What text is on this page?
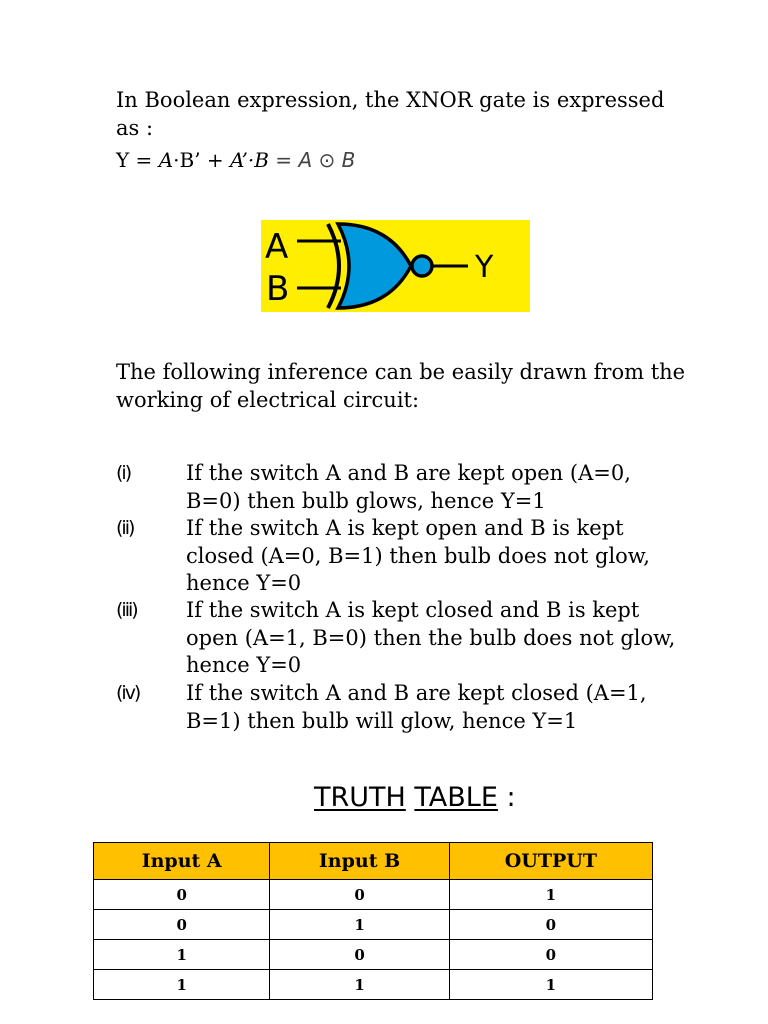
In Boolean expression, the XNOR gate is expressed as :

Y = A·B’ + A’·B = A ⊙ B
A
B
Y

The following inference can be easily drawn from the working of electrical circuit:

(i)	If the switch A and B are kept open (A=0, B=0) then bulb glows, hence Y=1
(ii)	If the switch A is kept open and B is kept closed (A=0, B=1) then bulb does not glow, hence Y=0
(iii) If the switch A is kept closed and B is kept open (A=1, B=0) then the bulb does not glow, hence Y=0
(iv) If the switch A and B are kept closed (A=1, B=1) then bulb will glow, hence Y=1
TRUTH TABLE :
Input A	Input B	OUTPUT
0	0	1
0	1	0
1	0	0
1	1	1
